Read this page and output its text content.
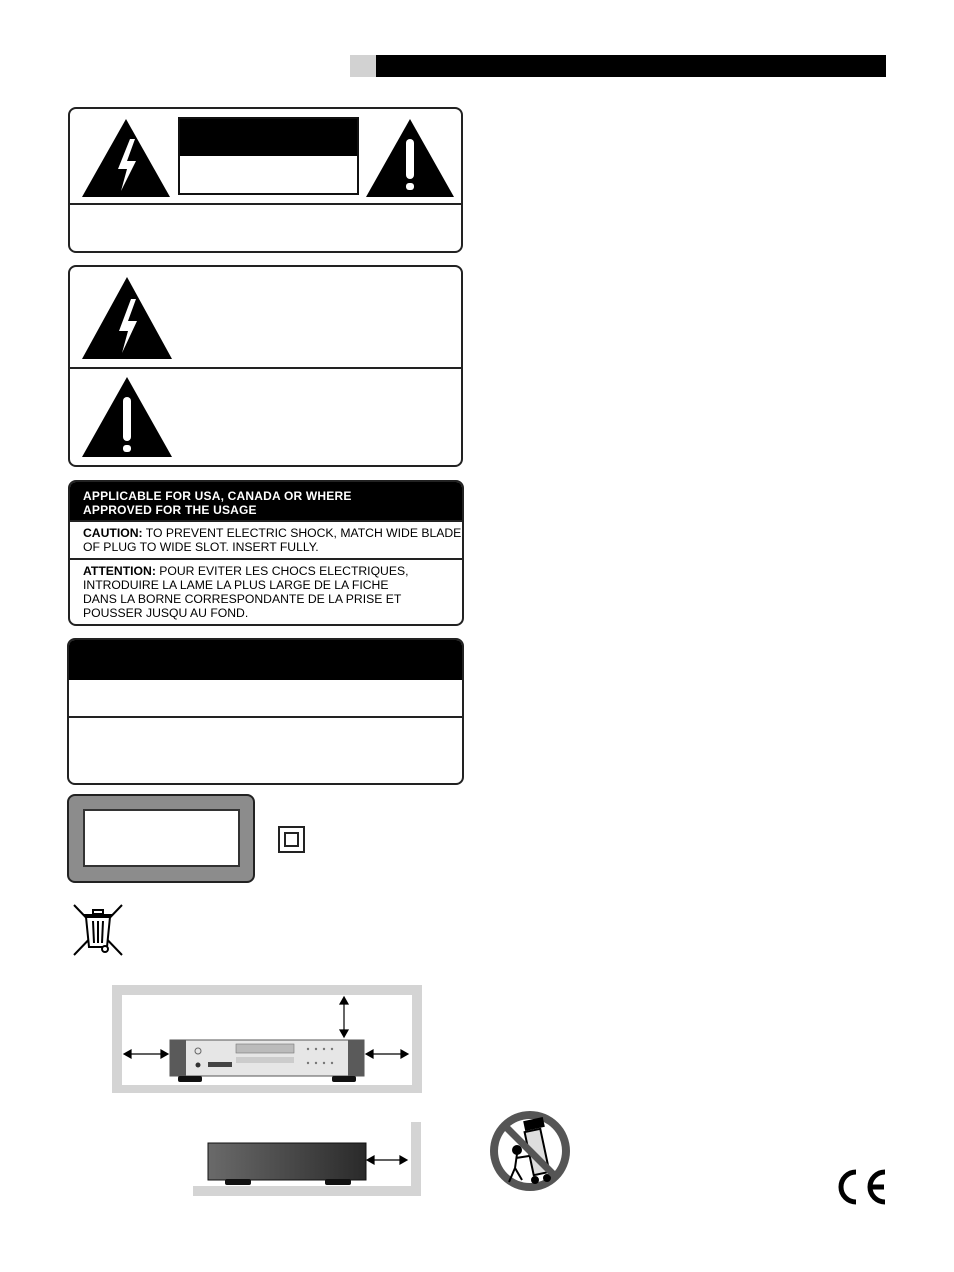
APPLICABLE FOR USA, CANADA OR WHERE
APPROVED FOR THE USAGE
CAUTION: TO PREVENT ELECTRIC SHOCK, MATCH WIDE BLADE
OF PLUG TO WIDE SLOT. INSERT FULLY.
ATTENTION: POUR EVITER LES CHOCS ELECTRIQUES,
INTRODUIRE LA LAME LA PLUS LARGE DE LA FICHE
DANS LA BORNE CORRESPONDANTE DE LA PRISE ET
POUSSER JUSQU AU FOND.
